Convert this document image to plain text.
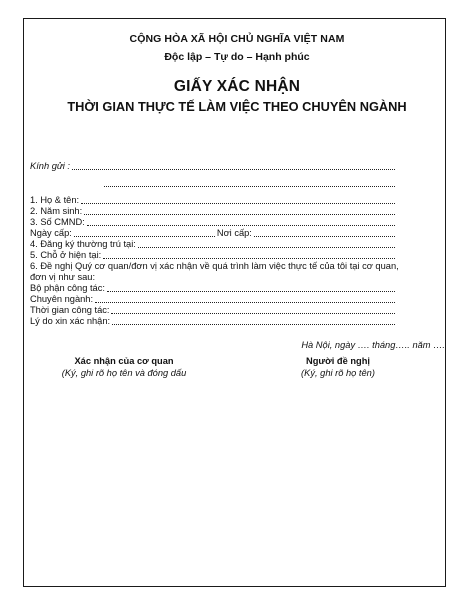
CỘNG HÒA XÃ HỘI CHỦ NGHĨA VIỆT NAM
Độc lập – Tự do – Hạnh phúc
GIẤY XÁC NHẬN
THỜI GIAN THỰC TẾ LÀM VIỆC THEO CHUYÊN NGÀNH
Kính gửi :
1. Họ & tên:
2. Năm sinh:
3. Số CMND:
Ngày cấp:	Nơi cấp:
4. Đăng ký thường trú tại:
5. Chỗ ở hiện tại:
6. Đề nghị Quý cơ quan/đơn vị xác nhận về quá trình làm việc thực tế của tôi tại cơ quan,
đơn vị như sau:
Bộ phận công tác:
Chuyên ngành:
Thời gian công tác:
Lý do xin xác nhận:
Hà Nội, ngày …. tháng….. năm ….
Xác nhận của cơ quan
(Ký, ghi rõ họ tên và đóng dấu
Người đề nghị
(Ký, ghi rõ họ tên)
